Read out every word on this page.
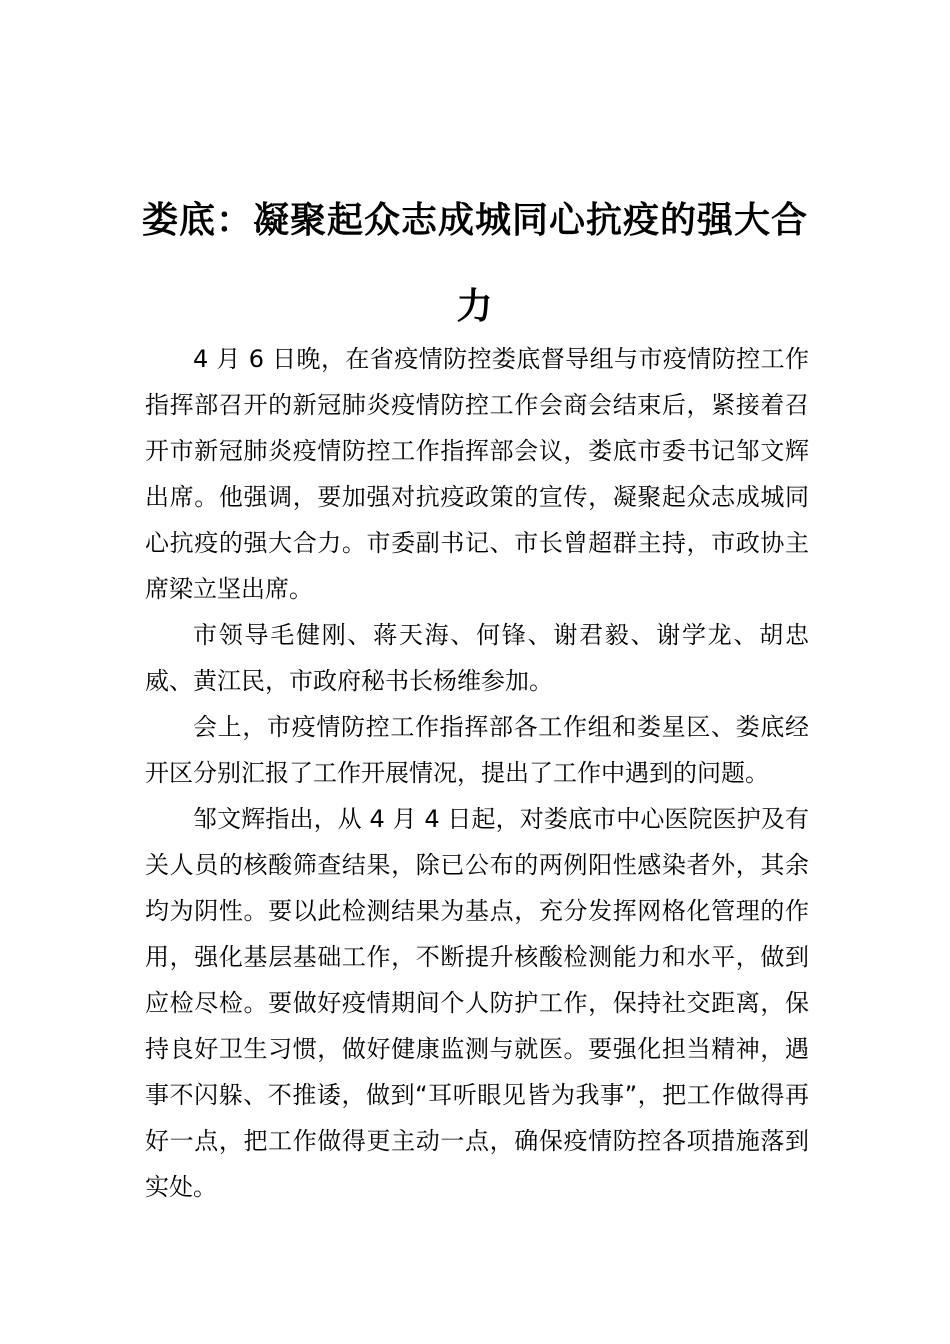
娄底：凝聚起众志成城同心抗疫的强大合力

4 月 6 日晚，在省疫情防控娄底督导组与市疫情防控工作指挥部召开的新冠肺炎疫情防控工作会商会结束后，紧接着召开市新冠肺炎疫情防控工作指挥部会议，娄底市委书记邹文辉出席。他强调，要加强对抗疫政策的宣传，凝聚起众志成城同心抗疫的强大合力。市委副书记、市长曾超群主持，市政协主席梁立坚出席。

市领导毛健刚、蒋天海、何锋、谢君毅、谢学龙、胡忠威、黄江民，市政府秘书长杨维参加。

会上，市疫情防控工作指挥部各工作组和娄星区、娄底经开区分别汇报了工作开展情况，提出了工作中遇到的问题。

邹文辉指出，从 4 月 4 日起，对娄底市中心医院医护及有关人员的核酸筛查结果，除已公布的两例阳性感染者外，其余均为阴性。要以此检测结果为基点，充分发挥网格化管理的作用，强化基层基础工作，不断提升核酸检测能力和水平，做到应检尽检。要做好疫情期间个人防护工作，保持社交距离，保持良好卫生习惯，做好健康监测与就医。要强化担当精神，遇事不闪躲、不推诿，做到“耳听眼见皆为我事”，把工作做得再好一点，把工作做得更主动一点，确保疫情防控各项措施落到实处。
